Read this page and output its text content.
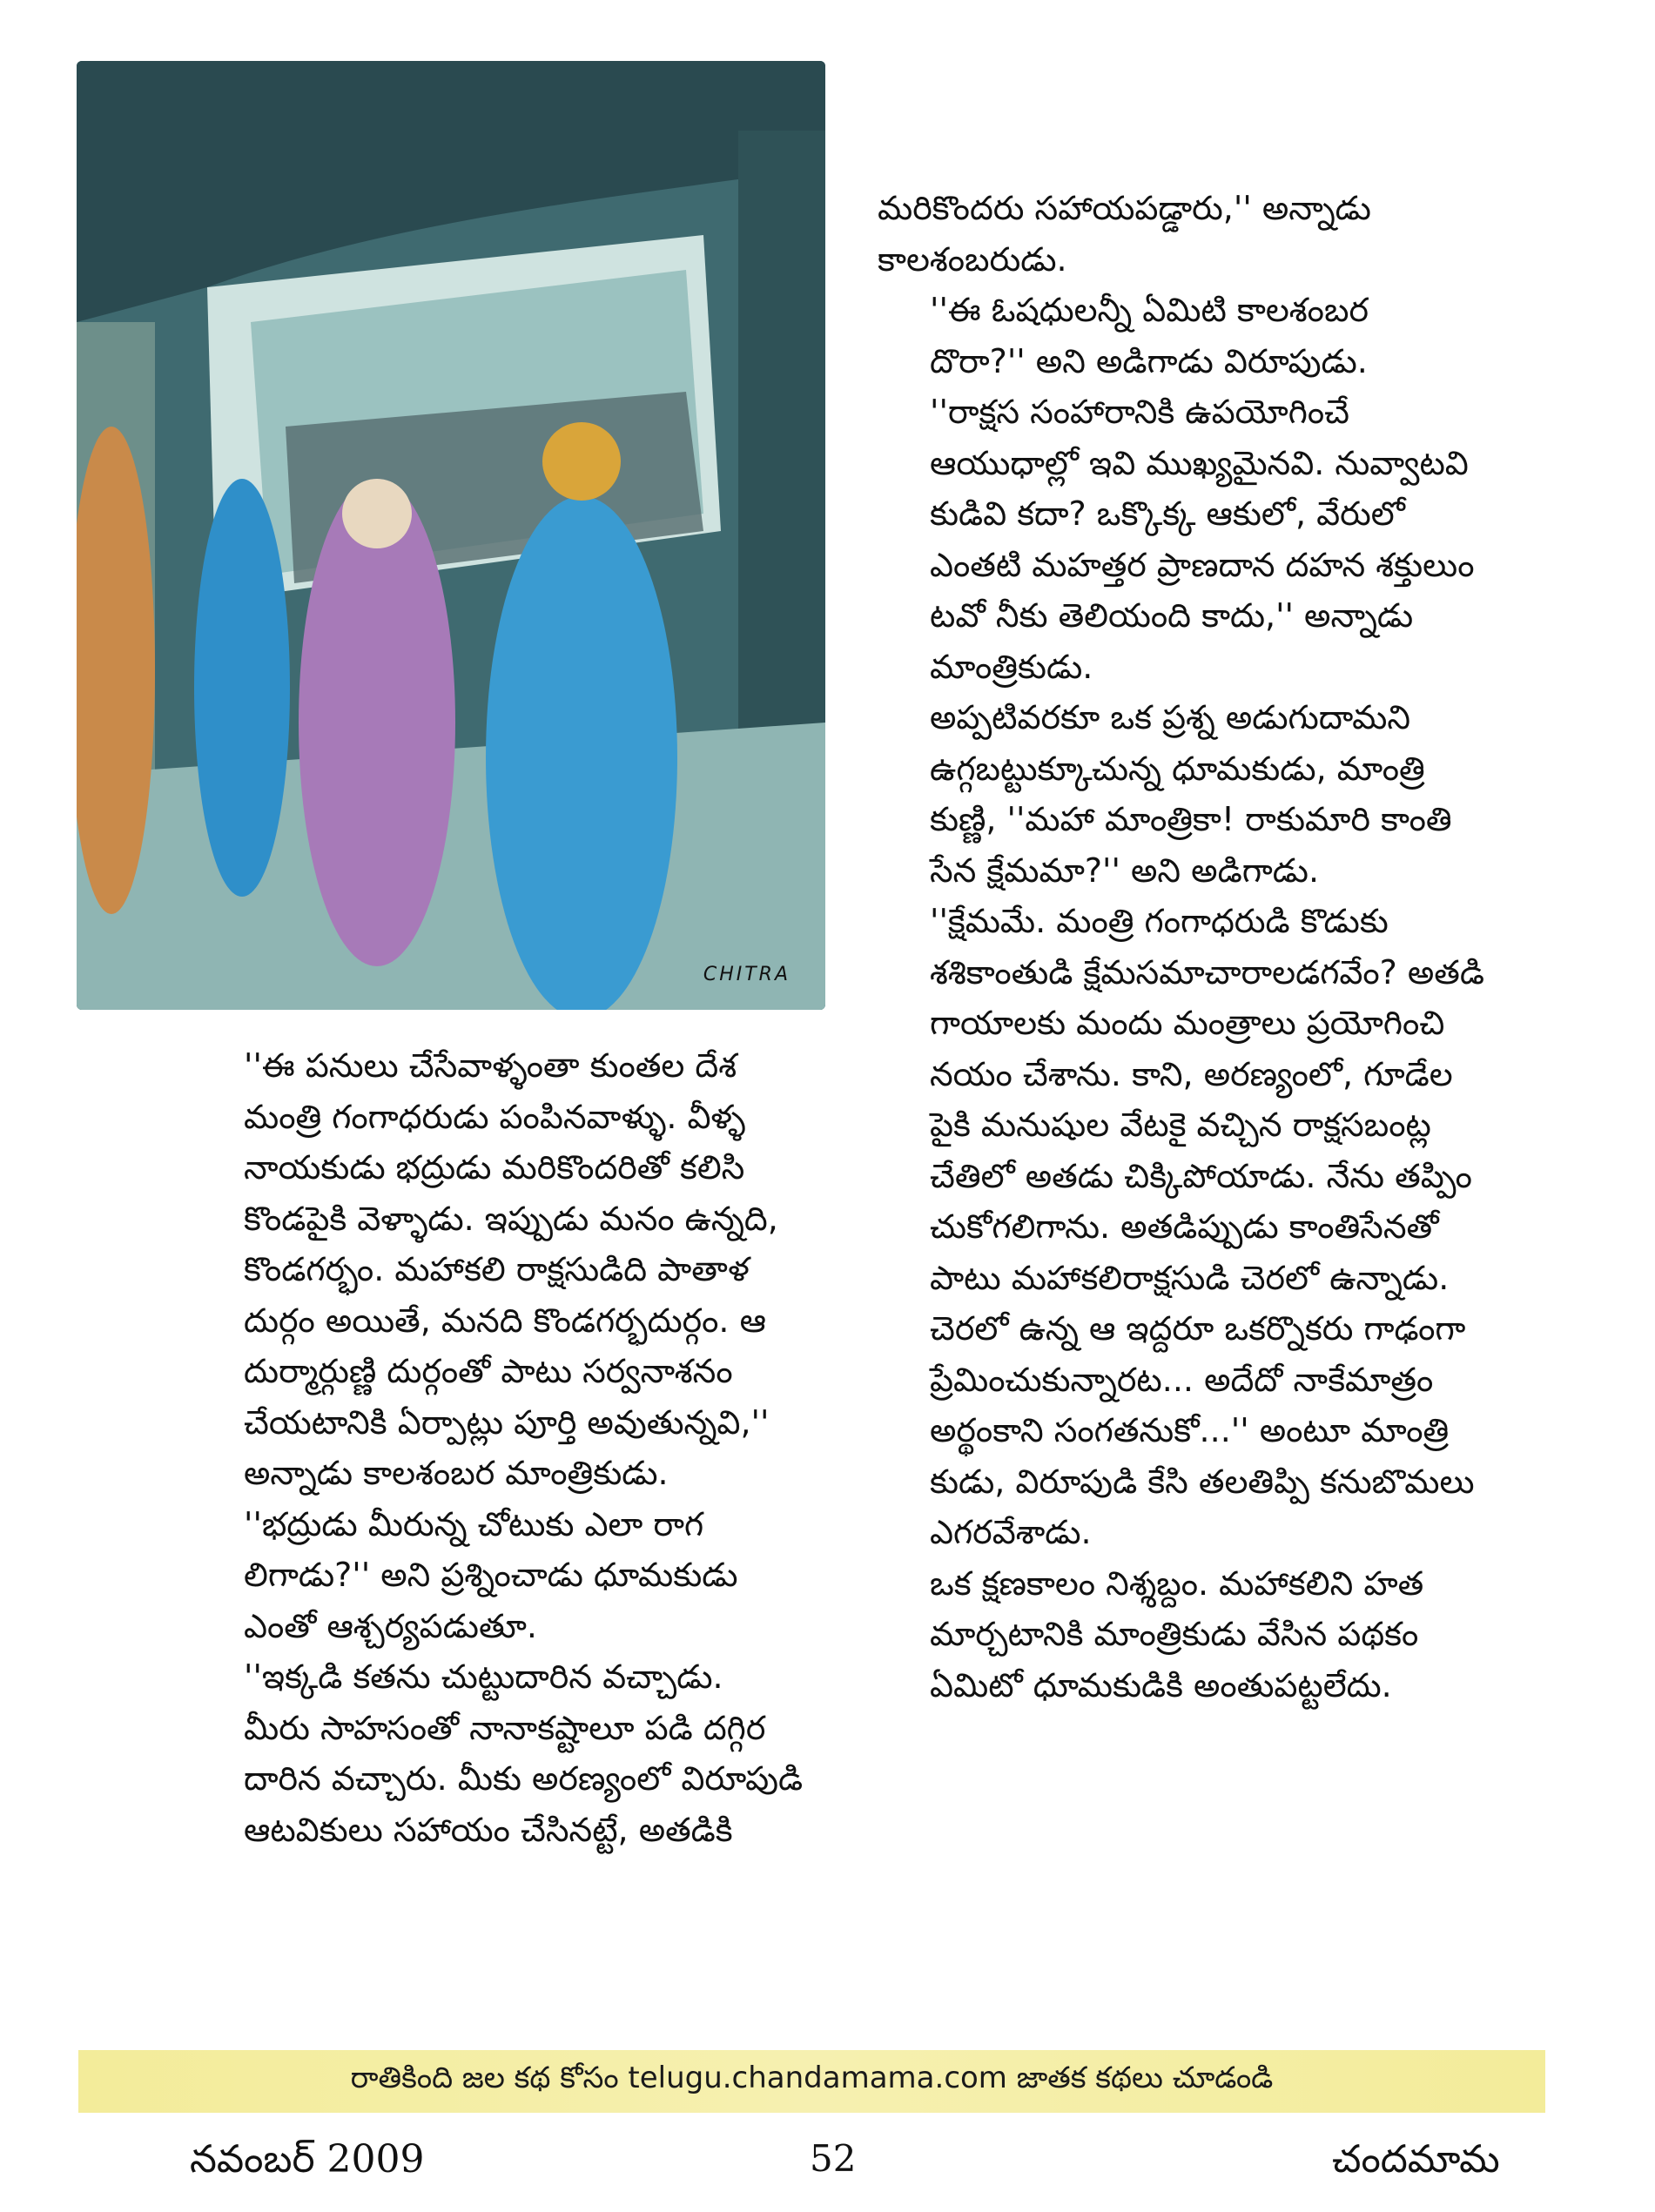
CHITRA

మరికొందరు సహాయపడ్డారు,'' అన్నాడు
కాలశంబరుడు.

''ఈ ఓషధులన్నీ ఏమిటి కాలశంబర
దొరా?'' అని అడిగాడు విరూపుడు.

''రాక్షస సంహారానికి ఉపయోగించే
ఆయుధాల్లో ఇవి ముఖ్యమైనవి. నువ్వాటవి
కుడివి కదా? ఒక్కొక్క ఆకులో, వేరులో
ఎంతటి మహత్తర ప్రాణదాన దహన శక్తులుం
టవో నీకు తెలియంది కాదు,'' అన్నాడు
మాంత్రికుడు.

అప్పటివరకూ ఒక ప్రశ్న అడుగుదామని
ఉగ్గబట్టుక్కూచున్న ధూమకుడు, మాంత్రి
కుణ్ణి, ''మహా మాంత్రికా! రాకుమారి కాంతి
సేన క్షేమమా?'' అని అడిగాడు.

''క్షేమమే. మంత్రి గంగాధరుడి కొడుకు
శశికాంతుడి క్షేమసమాచారాలడగవేం? అతడి
గాయాలకు మందు మంత్రాలు ప్రయోగించి
నయం చేశాను. కాని, అరణ్యంలో, గూడేల
పైకి మనుషుల వేటకై వచ్చిన రాక్షసబంట్ల
చేతిలో అతడు చిక్కిపోయాడు. నేను తప్పిం
చుకోగలిగాను. అతడిప్పుడు కాంతిసేనతో
పాటు మహాకలిరాక్షసుడి చెరలో ఉన్నాడు.
చెరలో ఉన్న ఆ ఇద్దరూ ఒకర్నొకరు గాఢంగా
ప్రేమించుకున్నారట... అదేదో నాకేమాత్రం
అర్థంకాని సంగతనుకో...'' అంటూ మాంత్రి
కుడు, విరూపుడి కేసి తలతిప్పి కనుబొమలు
ఎగరవేశాడు.

ఒక క్షణకాలం నిశ్శబ్దం. మహాకలిని హత
మార్చటానికి మాంత్రికుడు వేసిన పథకం
ఏమిటో ధూమకుడికి అంతుపట్టలేదు.

''ఈ పనులు చేసేవాళ్ళంతా కుంతల దేశ
మంత్రి గంగాధరుడు పంపినవాళ్ళు. వీళ్ళ
నాయకుడు భద్రుడు మరికొందరితో కలిసి
కొండపైకి వెళ్ళాడు. ఇప్పుడు మనం ఉన్నది,
కొండగర్భం. మహాకలి రాక్షసుడిది పాతాళ
దుర్గం అయితే, మనది కొండగర్భదుర్గం. ఆ
దుర్మార్గుణ్ణి దుర్గంతో పాటు సర్వనాశనం
చేయటానికి ఏర్పాట్లు పూర్తి అవుతున్నవి,''
అన్నాడు కాలశంబర మాంత్రికుడు.

''భద్రుడు మీరున్న చోటుకు ఎలా రాగ
లిగాడు?'' అని ప్రశ్నించాడు ధూమకుడు
ఎంతో ఆశ్చర్యపడుతూ.

''ఇక్కడి కతను చుట్టుదారిన వచ్చాడు.
మీరు సాహసంతో నానాకష్టాలూ పడి దగ్గిర
దారిన వచ్చారు. మీకు అరణ్యంలో విరూపుడి
ఆటవికులు సహాయం చేసినట్టే, అతడికి

రాతికింది జల కథ కోసం telugu.chandamama.com జాతక కథలు చూడండి
నవంబర్ 2009	52	చందమామ
